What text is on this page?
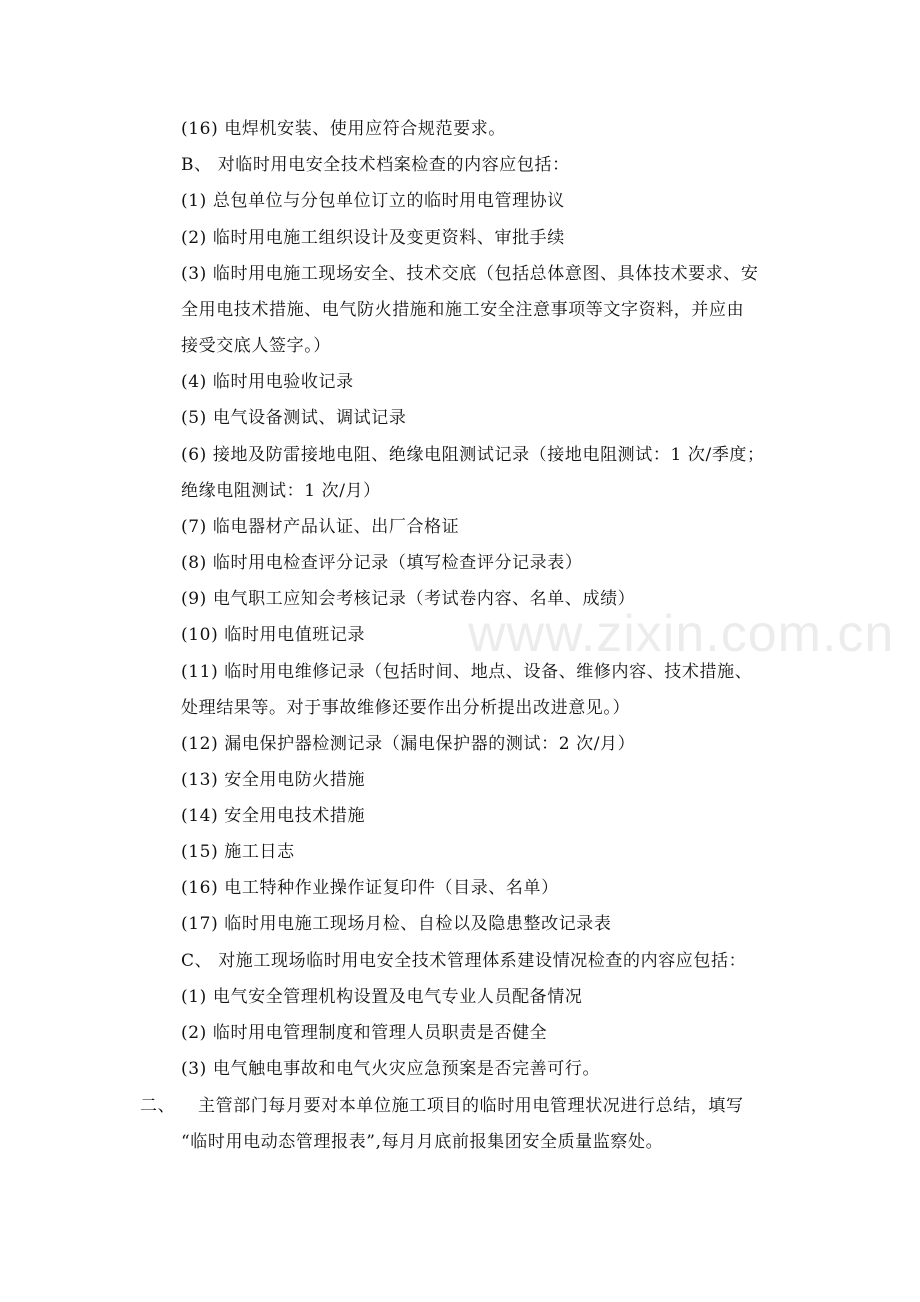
(16) 电焊机安装、使用应符合规范要求。
B、 对临时用电安全技术档案检查的内容应包括：
(1) 总包单位与分包单位订立的临时用电管理协议
(2) 临时用电施工组织设计及变更资料、审批手续
(3) 临时用电施工现场安全、技术交底（包括总体意图、具体技术要求、安
全用电技术措施、电气防火措施和施工安全注意事项等文字资料，并应由
接受交底人签字。）
(4) 临时用电验收记录
(5) 电气设备测试、调试记录
(6) 接地及防雷接地电阻、绝缘电阻测试记录（接地电阻测试：1 次/季度；
绝缘电阻测试：1 次/月）
(7) 临电器材产品认证、出厂合格证
(8) 临时用电检查评分记录（填写检查评分记录表）
(9) 电气职工应知会考核记录（考试卷内容、名单、成绩）
(10) 临时用电值班记录
(11) 临时用电维修记录（包括时间、地点、设备、维修内容、技术措施、
处理结果等。对于事故维修还要作出分析提出改进意见。）
(12) 漏电保护器检测记录（漏电保护器的测试：2 次/月）
(13) 安全用电防火措施
(14) 安全用电技术措施
(15) 施工日志
(16) 电工特种作业操作证复印件（目录、名单）
(17) 临时用电施工现场月检、自检以及隐患整改记录表
C、 对施工现场临时用电安全技术管理体系建设情况检查的内容应包括：
(1) 电气安全管理机构设置及电气专业人员配备情况
(2) 临时用电管理制度和管理人员职责是否健全
(3) 电气触电事故和电气火灾应急预案是否完善可行。
二、 主管部门每月要对本单位施工项目的临时用电管理状况进行总结，填写
“临时用电动态管理报表”,每月月底前报集团安全质量监察处。
www.zixin.com.cn
